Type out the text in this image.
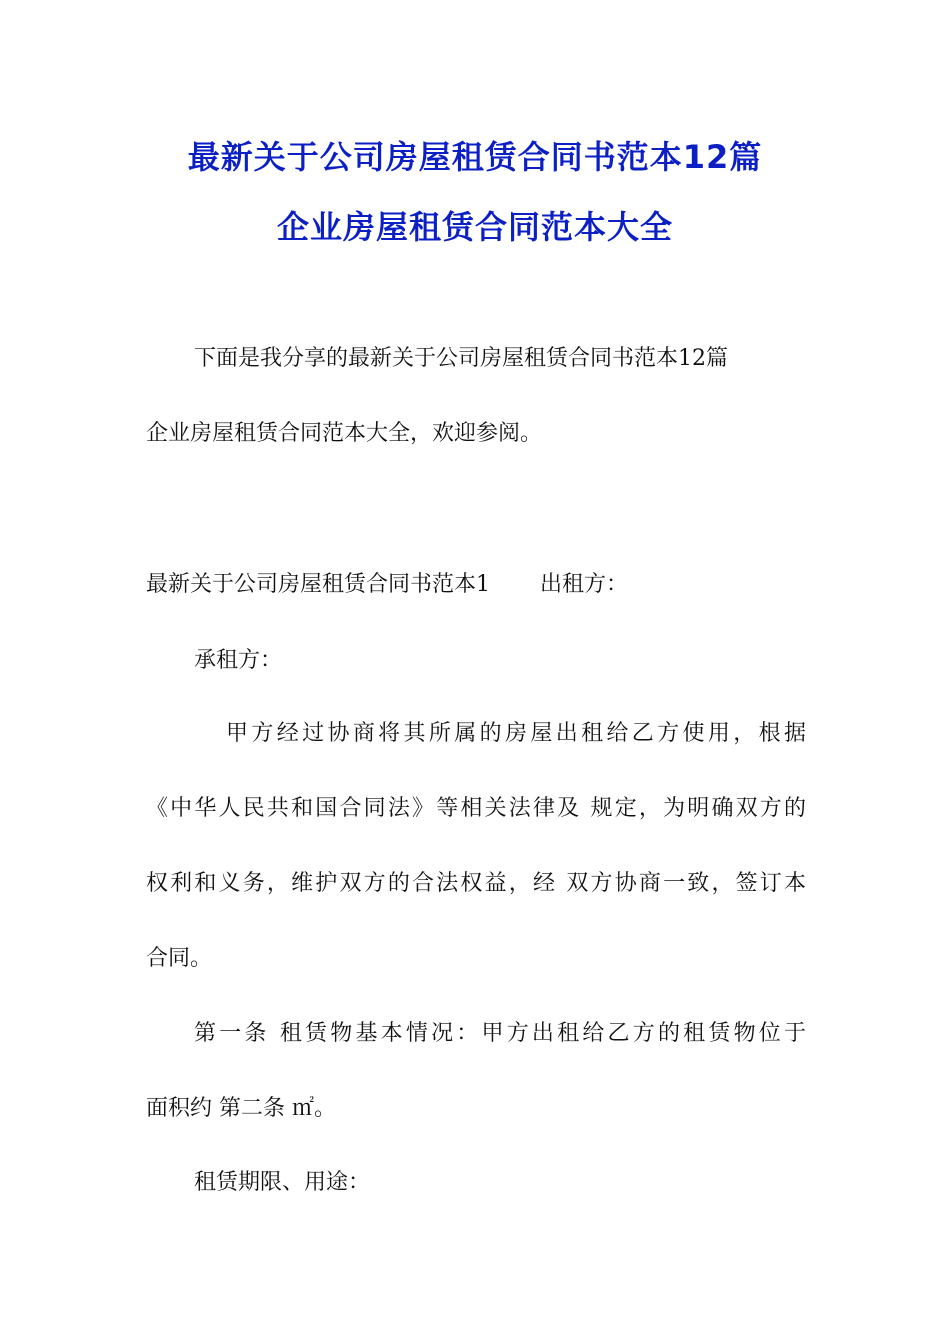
最新关于公司房屋租赁合同书范本12篇
企业房屋租赁合同范本大全
下面是我分享的最新关于公司房屋租赁合同书范本12篇
企业房屋租赁合同范本大全，欢迎参阅。
最新关于公司房屋租赁合同书范本1 出租方：
承租方：
甲方经过协商将其所属的房屋出租给乙方使用，根据
《中华人民共和国合同法》等相关法律及 规定，为明确双方的
权利和义务，维护双方的合法权益，经 双方协商一致，签订本
合同。
第一条 租赁物基本情况：甲方出租给乙方的租赁物位于
面积约 第二条 ㎡。
租赁期限、用途：
